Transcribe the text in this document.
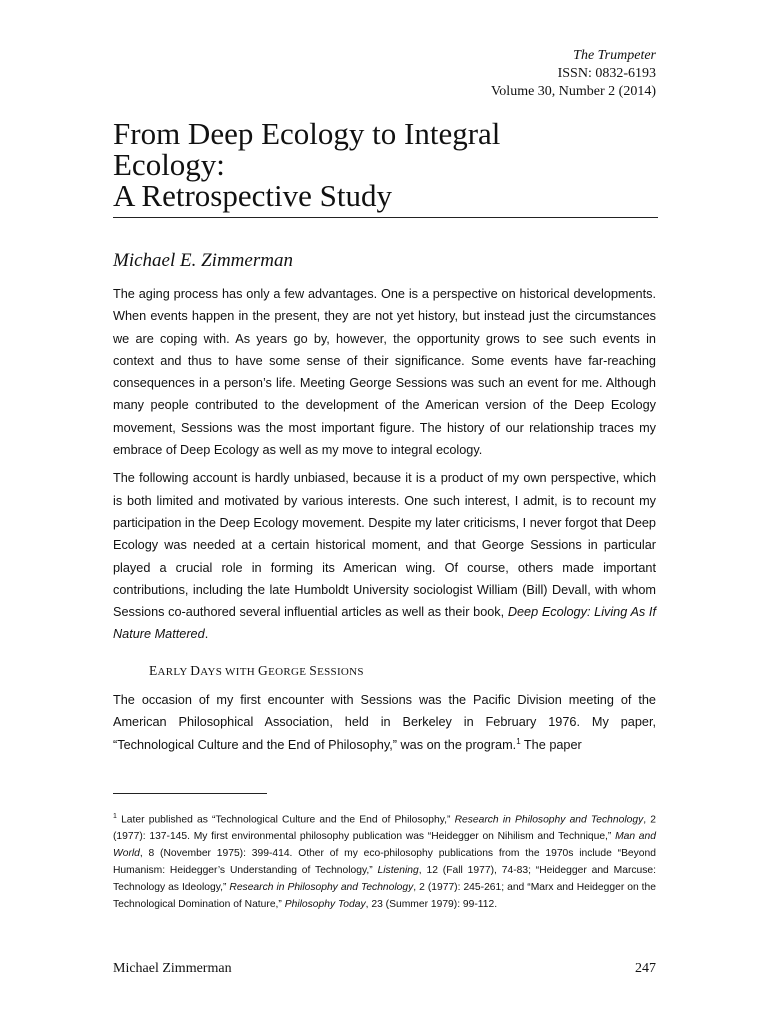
The Trumpeter
ISSN: 0832-6193
Volume 30, Number 2 (2014)
From Deep Ecology to Integral
Ecology:
A Retrospective Study
Michael E. Zimmerman

The aging process has only a few advantages. One is a perspective on historical developments. When events happen in the present, they are not yet history, but instead just the circumstances we are coping with. As years go by, however, the opportunity grows to see such events in context and thus to have some sense of their significance. Some events have far-reaching consequences in a person’s life. Meeting George Sessions was such an event for me. Although many people contributed to the development of the American version of the Deep Ecology movement, Sessions was the most important figure. The history of our relationship traces my embrace of Deep Ecology as well as my move to integral ecology.

The following account is hardly unbiased, because it is a product of my own perspective, which is both limited and motivated by various interests. One such interest, I admit, is to recount my participation in the Deep Ecology movement. Despite my later criticisms, I never forgot that Deep Ecology was needed at a certain historical moment, and that George Sessions in particular played a crucial role in forming its American wing. Of course, others made important contributions, including the late Humboldt University sociologist William (Bill) Devall, with whom Sessions co-authored several influential articles as well as their book, Deep Ecology: Living As If Nature Mattered.

EARLY DAYS WITH GEORGE SESSIONS

The occasion of my first encounter with Sessions was the Pacific Division meeting of the American Philosophical Association, held in Berkeley in February 1976. My paper, “Technological Culture and the End of Philosophy,” was on the program.$^1$ The paper

$^1$ Later published as “Technological Culture and the End of Philosophy,” Research in Philosophy and Technology, 2 (1977): 137-145. My first environmental philosophy publication was “Heidegger on Nihilism and Technique,” Man and World, 8 (November 1975): 399-414. Other of my eco-philosophy publications from the 1970s include “Beyond Humanism: Heidegger’s Understanding of Technology,” Listening, 12 (Fall 1977), 74-83; “Heidegger and Marcuse: Technology as Ideology,” Research in Philosophy and Technology, 2 (1977): 245-261; and “Marx and Heidegger on the Technological Domination of Nature,” Philosophy Today, 23 (Summer 1979): 99-112.
Michael Zimmerman	247
